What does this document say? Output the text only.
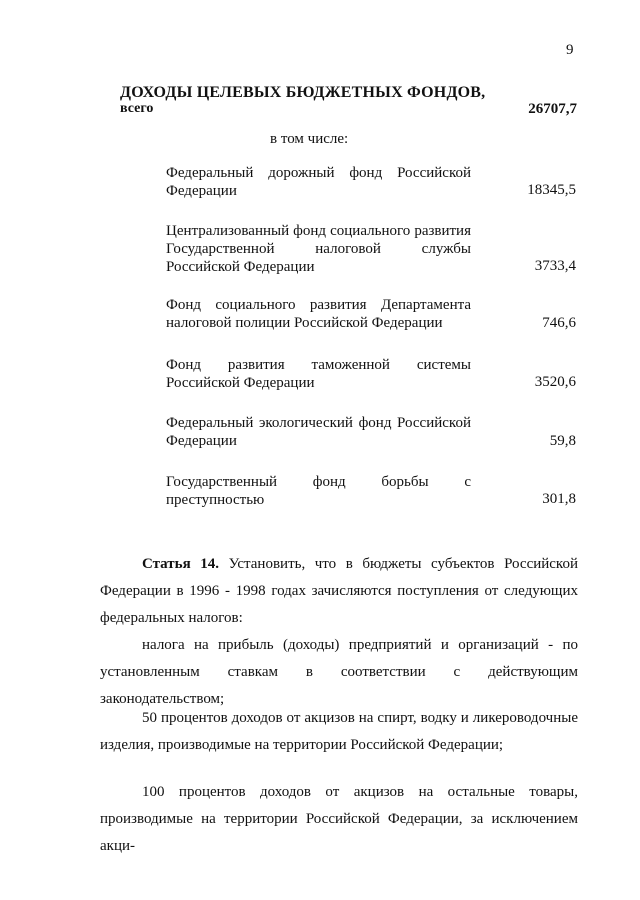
9
ДОХОДЫ ЦЕЛЕВЫХ БЮДЖЕТНЫХ ФОНДОВ,
всего	26707,7
в том числе:
Федеральный дорожный фонд Российской Федерации	18345,5
Централизованный фонд социального развития Государственной налоговой службы Российской Федерации	3733,4
Фонд социального развития Департамента налоговой полиции Российской Федерации	746,6
Фонд развития таможенной системы Российской Федерации	3520,6
Федеральный экологический фонд Российской Федерации	59,8
Государственный фонд борьбы с преступностью	301,8
Статья 14. Установить, что в бюджеты субъектов Российской Федерации в 1996 - 1998 годах зачисляются поступления от следующих федеральных налогов:
налога на прибыль (доходы) предприятий и организаций - по установленным ставкам в соответствии с действующим законодательством;
50 процентов доходов от акцизов на спирт, водку и ликероводочные изделия, производимые на территории Российской Федерации;
100 процентов доходов от акцизов на остальные товары, производимые на территории Российской Федерации, за исключением акци-
